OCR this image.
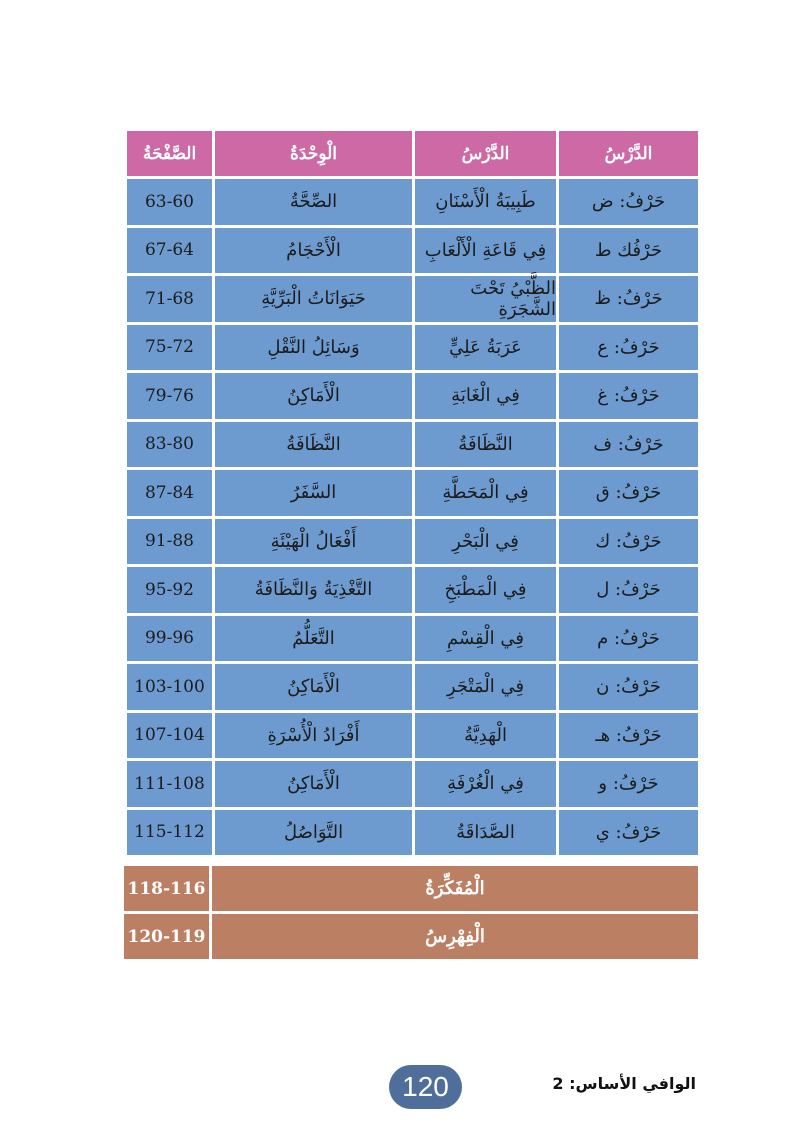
الدَّرْسُ
الدَّرْسُ
الْوِحْدَةُ
الصَّفْحَةُ
حَرْفُ: ض
طَبِيبَةُ الْأَسْنَانِ
الصِّحَّةُ
63-60
حَرْفُك ط
فِي قَاعَةِ الْأَلْعَابِ
الْأَحْجَامُ
67-64
حَرْفُ: ظ
الظَّبْيُ تَحْتَ الشَّجَرَةِ
حَيَوَانَاتُ الْبَرِّيَّةِ
71-68
حَرْفُ: ع
عَرَبَةُ عَلِيٍّ
وَسَائِلُ النَّقْلِ
75-72
حَرْفُ: غ
فِي الْغَابَةِ
الْأَمَاكِنُ
79-76
حَرْفُ: ف
النَّظَافَةُ
النَّظَافَةُ
83-80
حَرْفُ: ق
فِي الْمَحَطَّةِ
السَّفَرُ
87-84
حَرْفُ: ك
فِي الْبَحْرِ
أَفْعَالُ الْهَيْئَةِ
91-88
حَرْفُ: ل
فِي الْمَطْبَخِ
التَّغْذِيَةُ وَالنَّظَافَةُ
95-92
حَرْفُ: م
فِي الْقِسْمِ
التَّعَلُّمُ
99-96
حَرْفُ: ن
فِي الْمَتْجَرِ
الْأَمَاكِنُ
103-100
حَرْفُ: هـ
الْهَدِيَّةُ
أَفْرَادُ الْأُسْرَةِ
107-104
حَرْفُ: و
فِي الْغُرْفَةِ
الْأَمَاكِنُ
111-108
حَرْفُ: ي
الصَّدَاقَةُ
التَّوَاصُلُ
115-112
الْمُفَكِّرَةُ
118-116
الْفِهْرِسُ
120-119
120	الوافي الأساس: 2
